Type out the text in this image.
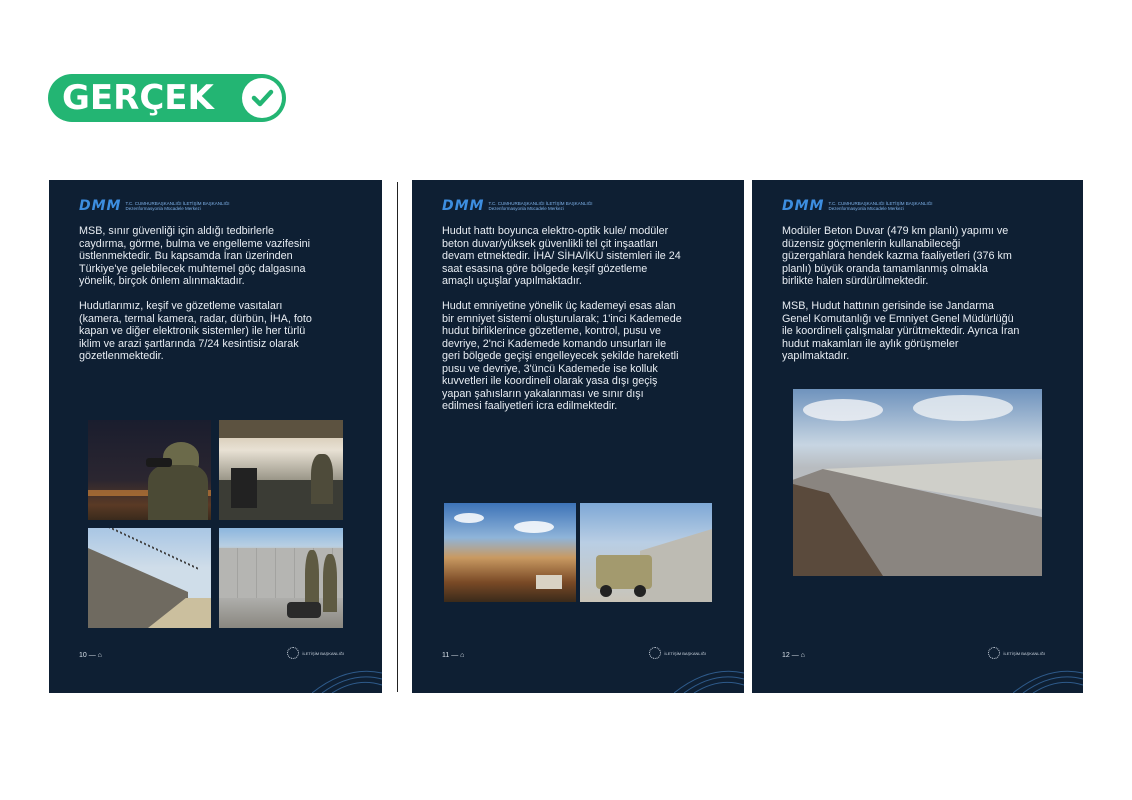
GERÇEK
DMM T.C. CUMHURBAŞKANLIĞI İLETİŞİM BAŞKANLIĞI
Dezenformasyonla Mücadele Merkezi

MSB, sınır güvenliği için aldığı tedbirlerle caydırma, görme, bulma ve engelleme vazifesini üstlenmektedir. Bu kapsamda İran üzerinden Türkiye'ye gelebilecek muhtemel göç dalgasına yönelik, birçok önlem alınmaktadır.

Hudutlarımız, keşif ve gözetleme vasıtaları (kamera, termal kamera, radar, dürbün, İHA, foto kapan ve diğer elektronik sistemler) ile her türlü iklim ve arazi şartlarında 7/24 kesintisiz olarak gözetlenmektedir.

10 — ⌂	İLETİŞİM BAŞKANLIĞI
DMM T.C. CUMHURBAŞKANLIĞI İLETİŞİM BAŞKANLIĞI
Dezenformasyonla Mücadele Merkezi

Hudut hattı boyunca elektro-optik kule/ modüler beton duvar/yüksek güvenlikli tel çit inşaatları devam etmektedir. İHA/ SİHA/İKU sistemleri ile 24 saat esasına göre bölgede keşif gözetleme amaçlı uçuşlar yapılmaktadır.

Hudut emniyetine yönelik üç kademeyi esas alan bir emniyet sistemi oluşturularak; 1'inci Kademede hudut birliklerince gözetleme, kontrol, pusu ve devriye, 2'nci Kademede komando unsurları ile geri bölgede geçişi engelleyecek şekilde hareketli pusu ve devriye, 3'üncü Kademede ise kolluk kuvvetleri ile koordineli olarak yasa dışı geçiş yapan şahısların yakalanması ve sınır dışı edilmesi faaliyetleri icra edilmektedir.

11 — ⌂	İLETİŞİM BAŞKANLIĞI
DMM T.C. CUMHURBAŞKANLIĞI İLETİŞİM BAŞKANLIĞI
Dezenformasyonla Mücadele Merkezi

Modüler Beton Duvar (479 km planlı) yapımı ve düzensiz göçmenlerin kullanabileceği güzergahlara hendek kazma faaliyetleri (376 km planlı) büyük oranda tamamlanmış olmakla birlikte halen sürdürülmektedir.

MSB, Hudut hattının gerisinde ise Jandarma Genel Komutanlığı ve Emniyet Genel Müdürlüğü ile koordineli çalışmalar yürütmektedir. Ayrıca İran hudut makamları ile aylık görüşmeler yapılmaktadır.

12 — ⌂	İLETİŞİM BAŞKANLIĞI
